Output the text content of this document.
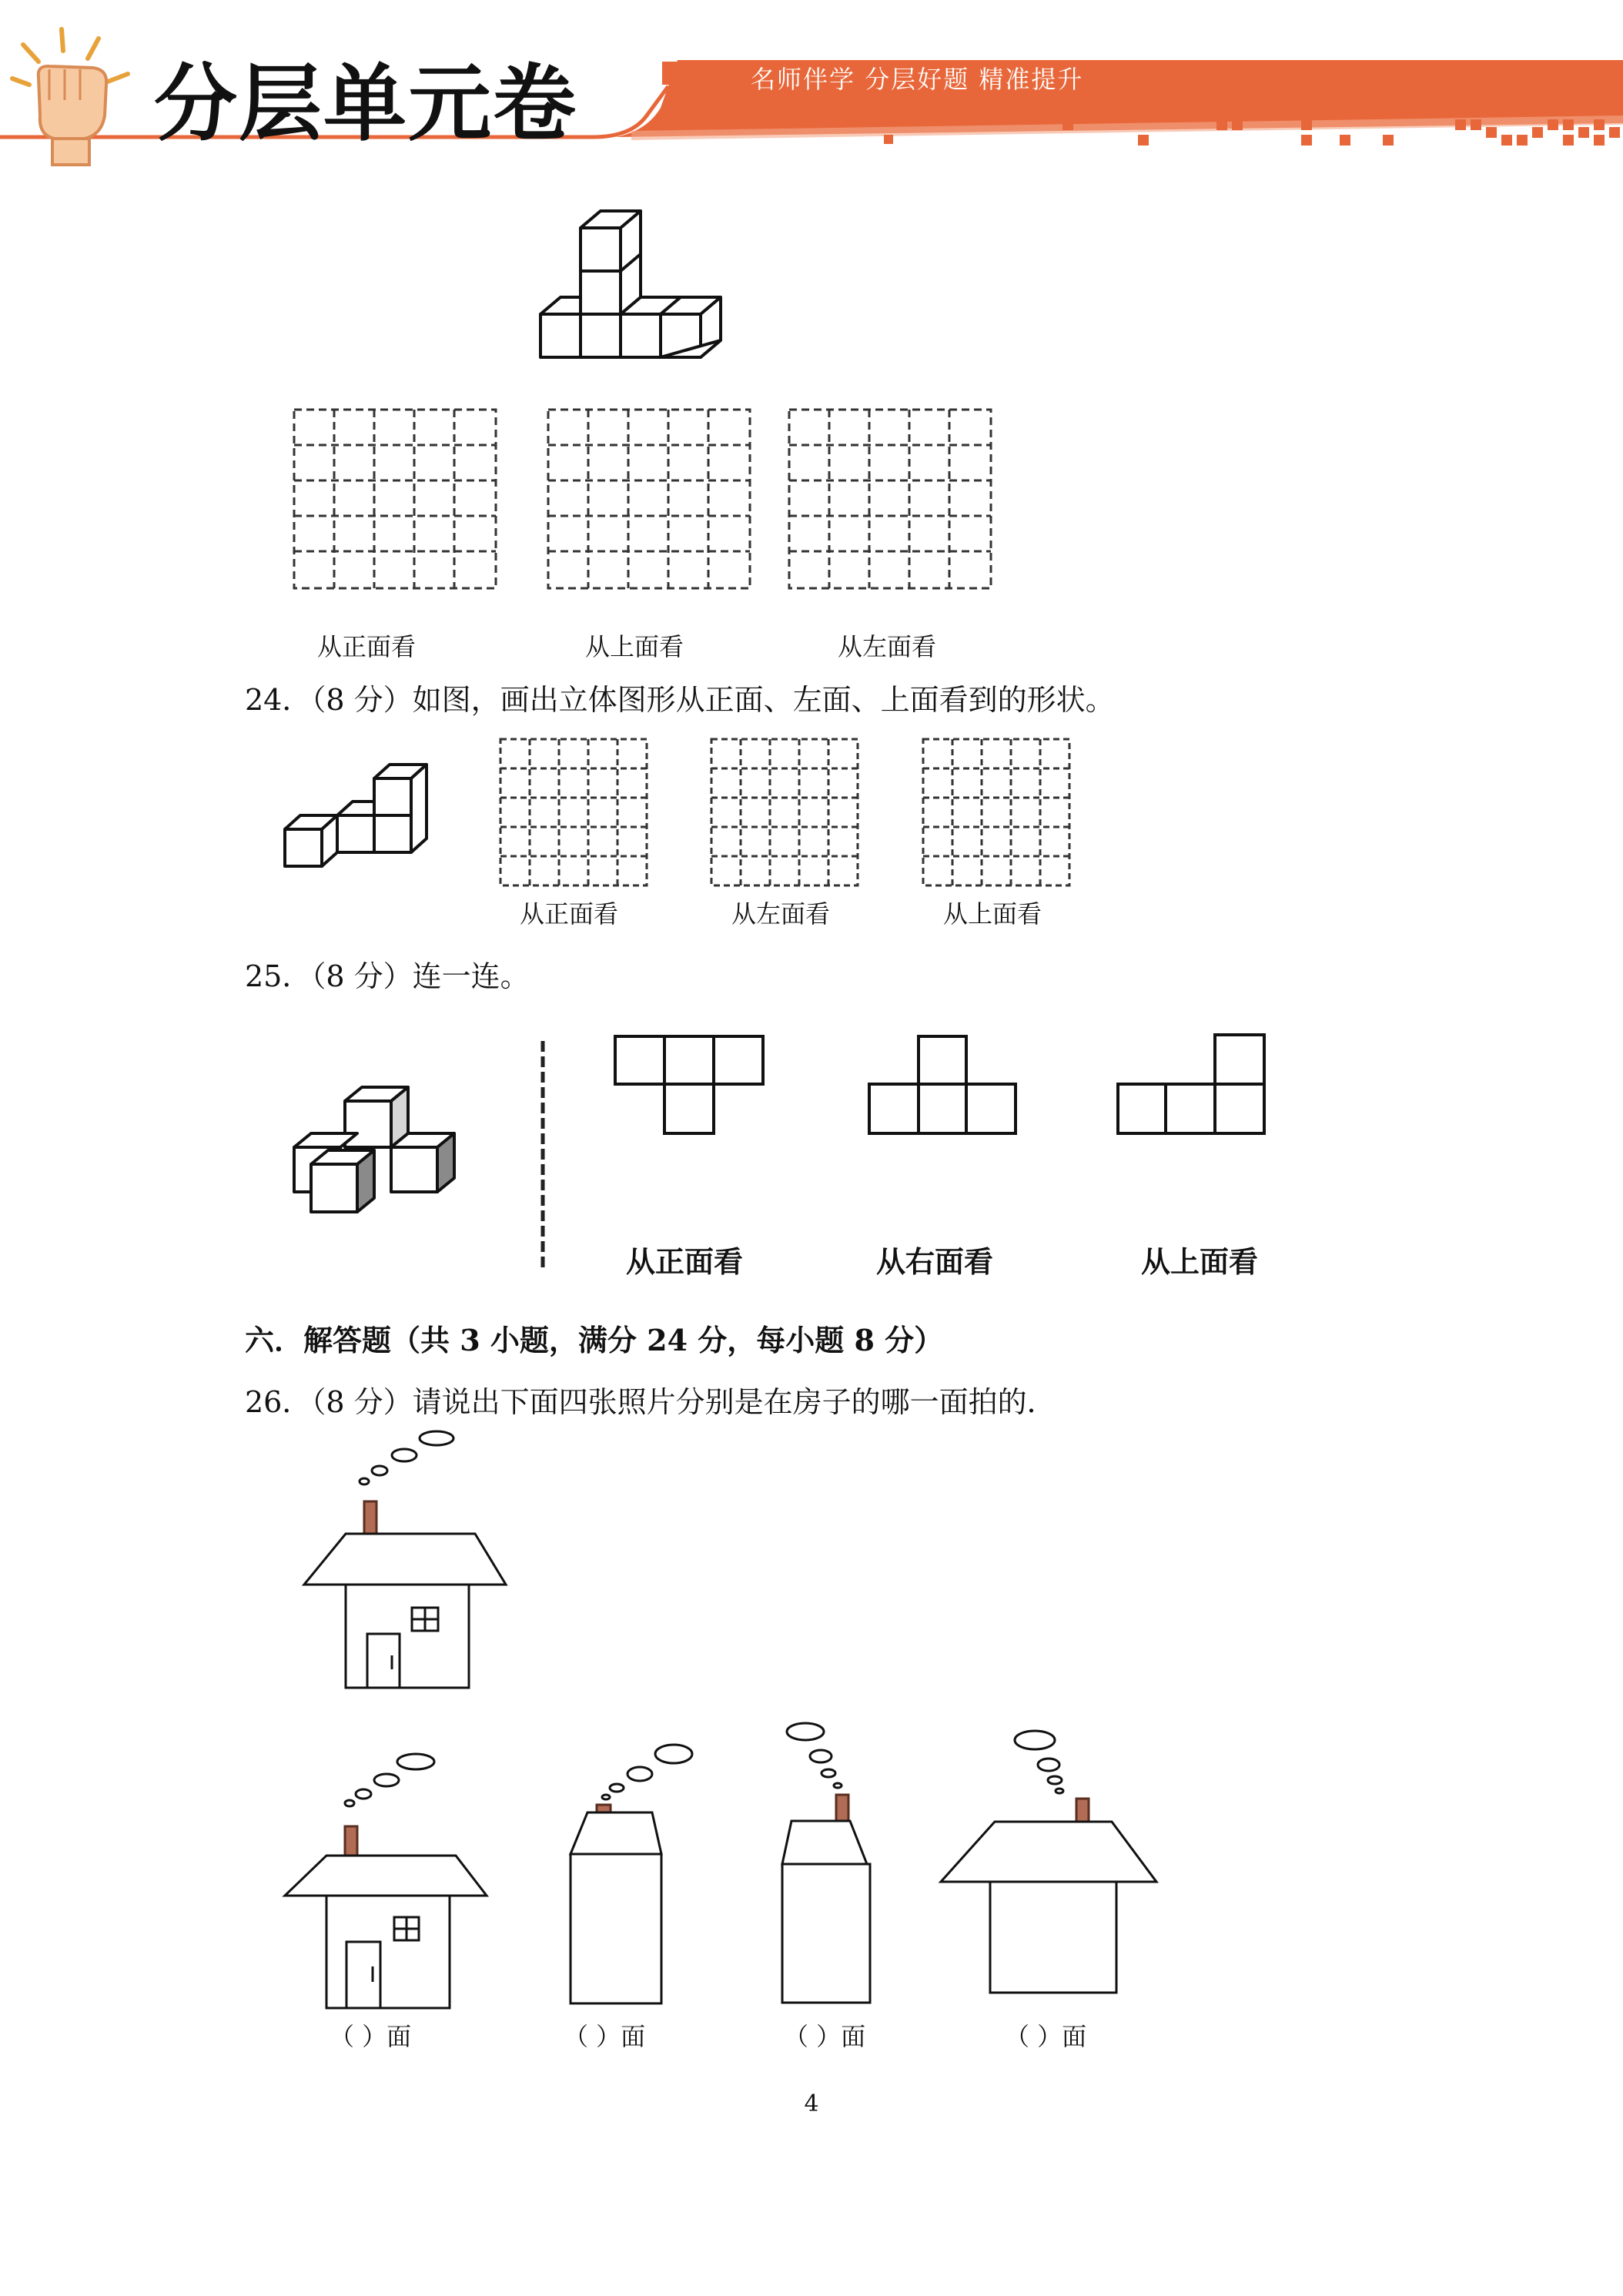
分层单元卷	名师伴学 分层好题 精准提升
从正面看	从上面看	从左面看
24．（8 分）如图，画出立体图形从正面、左面、上面看到的形状。
从正面看	从左面看	从上面看
25．（8 分）连一连。
从正面看	从右面看	从上面看
六．解答题（共 3 小题，满分 24 分，每小题 8 分）
26．（8 分）请说出下面四张照片分别是在房子的哪一面拍的．
（ ）面	（ ）面	（ ）面	（ ）面
4
